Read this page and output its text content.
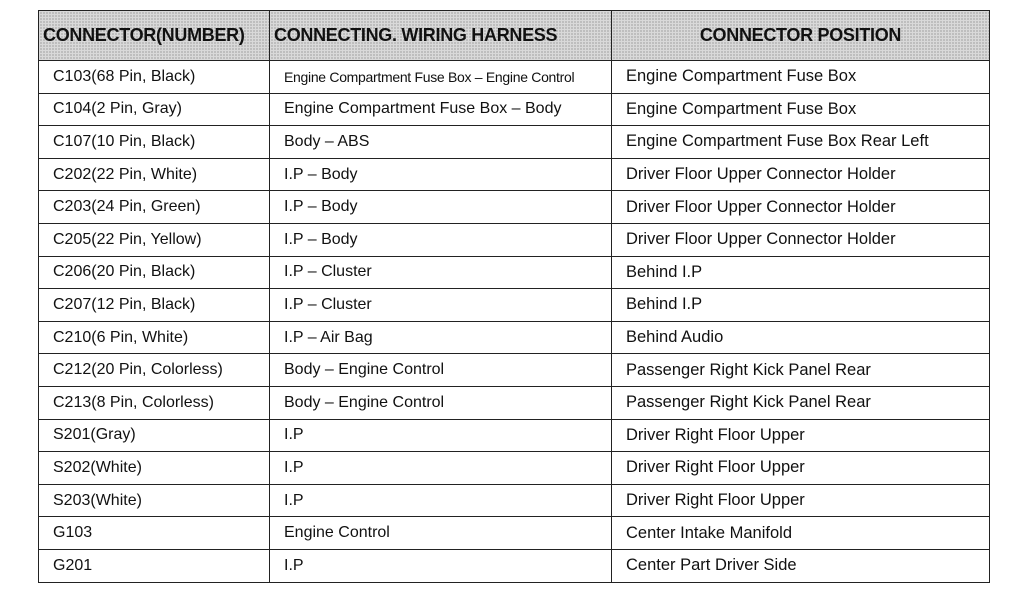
CONNECTOR(NUMBER)	CONNECTING. WIRING HARNESS	CONNECTOR POSITION
C103(68 Pin, Black)	Engine Compartment Fuse Box – Engine Control	Engine Compartment Fuse Box
C104(2 Pin, Gray)	Engine Compartment Fuse Box – Body	Engine Compartment Fuse Box
C107(10 Pin, Black)	Body – ABS	Engine Compartment Fuse Box Rear Left
C202(22 Pin, White)	I.P – Body	Driver Floor Upper Connector Holder
C203(24 Pin, Green)	I.P – Body	Driver Floor Upper Connector Holder
C205(22 Pin, Yellow)	I.P – Body	Driver Floor Upper Connector Holder
C206(20 Pin, Black)	I.P – Cluster	Behind I.P
C207(12 Pin, Black)	I.P – Cluster	Behind I.P
C210(6 Pin, White)	I.P – Air Bag	Behind Audio
C212(20 Pin, Colorless)	Body – Engine Control	Passenger Right Kick Panel Rear
C213(8 Pin, Colorless)	Body – Engine Control	Passenger Right Kick Panel Rear
S201(Gray)	I.P	Driver Right Floor Upper
S202(White)	I.P	Driver Right Floor Upper
S203(White)	I.P	Driver Right Floor Upper
G103	Engine Control	Center Intake Manifold
G201	I.P	Center Part Driver Side
